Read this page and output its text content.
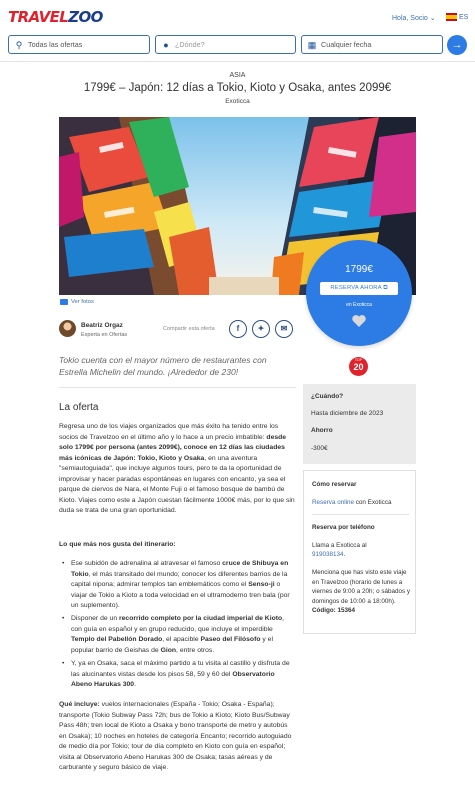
TRAVELZOO	Hola, Socio ⌄	ES
⚲ Todas las ofertas	● ¿Dónde?	▦ Cualquier fecha	→
ASIA
1799€ – Japón: 12 días a Tokio, Kioto y Osaka, antes 2099€
Exoticca
Ver fotos
1799€
RESERVA AHORA ⧉
en Exoticca
Beatriz Orgaz
Experta en Ofertas
Compartir esta oferta	f	✦	✉
Tokio cuenta con el mayor número de restaurantes con Estrella Michelin del mundo. ¡Alrededor de 230!
TOP
20
La oferta
Regresa uno de los viajes organizados que más éxito ha tenido entre los socios de Travelzoo en el último año y lo hace a un precio imbatible: desde solo 1799€ por persona (antes 2099€), conoce en 12 días las ciudades más icónicas de Japón: Tokio, Kioto y Osaka, en una aventura "semiautoguiada", que incluye algunos tours, pero te da la oportunidad de improvisar y hacer paradas espontáneas en lugares con encanto, ya sea el parque de ciervos de Nara, el Monte Fuji o el famoso bosque de bambú de Kioto. Viajes como este a Japón cuestan fácilmente 1000€ más, por lo que sin duda se trata de una gran oportunidad.
Lo que más nos gusta del itinerario:
• Ese subidón de adrenalina al atravesar el famoso cruce de Shibuya en Tokio, el más transitado del mundo; conocer los diferentes barrios de la capital nipona; admirar templos tan emblemáticos como el Senso-ji o viajar de Tokio a Kioto a toda velocidad en el ultramoderno tren bala (por un suplemento).
• Disponer de un recorrido completo por la ciudad imperial de Kioto, con guía en español y en grupo reducido, que incluye el imperdible Templo del Pabellón Dorado, el apacible Paseo del Filósofo y el popular barrio de Geishas de Gion, entre otros.
• Y, ya en Osaka, saca el máximo partido a tu visita al castillo y disfruta de las alucinantes vistas desde los pisos 58, 59 y 60 del Observatorio Abeno Harukas 300.
Qué incluye: vuelos internacionales (España - Tokio; Osaka - España); transporte (Tokio Subway Pass 72h; bus de Tokio a Kioto; Kioto Bus/Subway Pass 48h; tren local de Kioto a Osaka y bono transporte de metro y autobús en Osaka); 10 noches en hoteles de categoría Encanto; recorrido autoguiado de medio día por Tokio; tour de día completo en Kioto con guía en español; visita al Observatorio Abeno Harukas 300 de Osaka; tasas aéreas y de carburante y seguro básico de viaje.
¿Cuándo?
Hasta diciembre de 2023
Ahorro
-300€
Cómo reservar
Reserva online con Exoticca
Reserva por teléfono
Llama a Exoticca al
919038134.
Menciona que has visto este viaje en Travelzoo (horario de lunes a viernes de 9:00 a 20h; o sábados y domingos de 10:00 a 18:00h). Código: 15364
